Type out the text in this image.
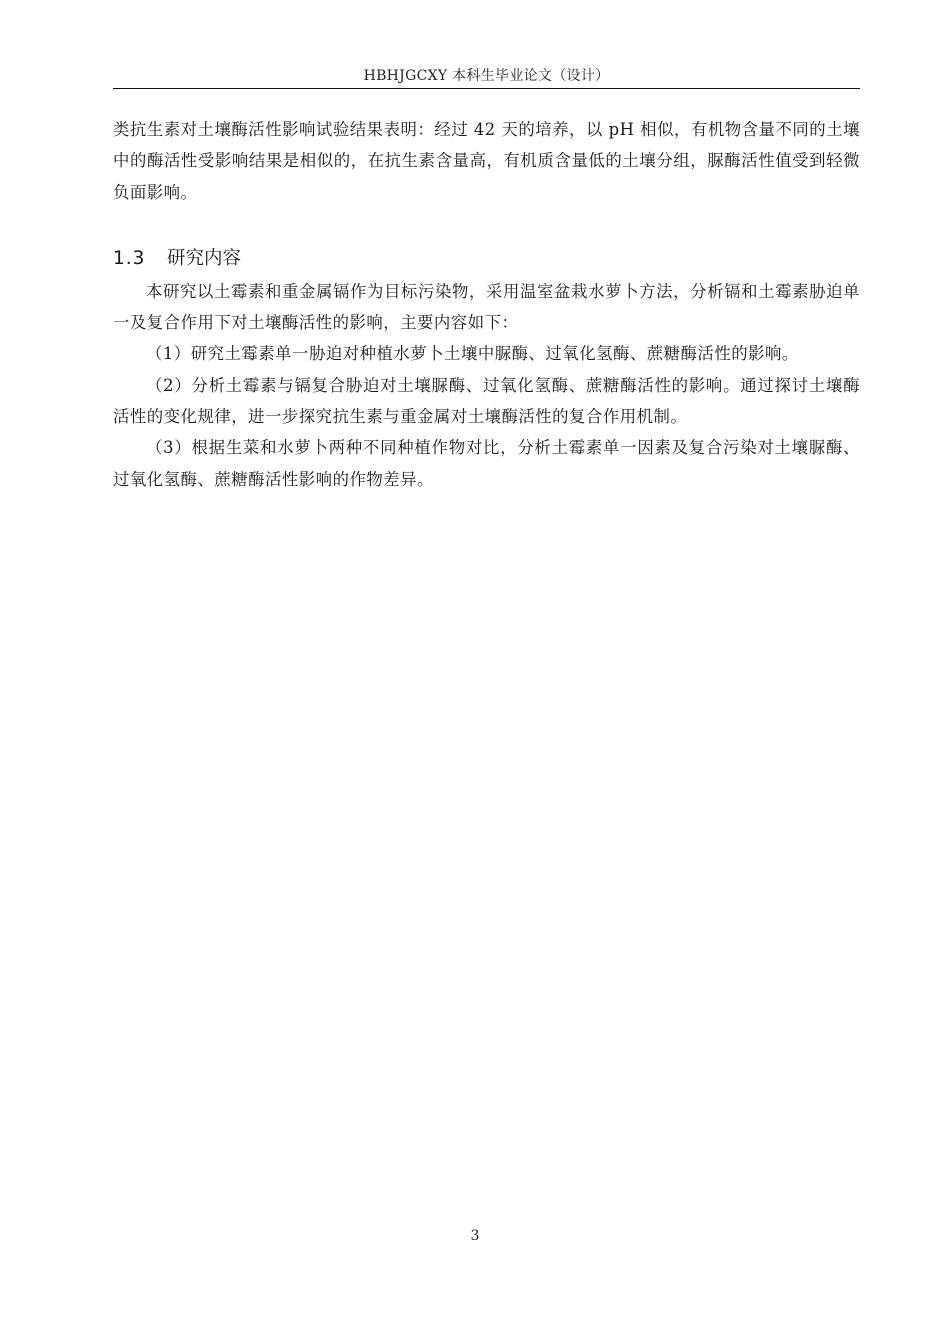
HBHJGCXY 本科生毕业论文（设计）

类抗生素对土壤酶活性影响试验结果表明：经过 42 天的培养，以 pH 相似，有机物含量不同的土壤中的酶活性受影响结果是相似的，在抗生素含量高，有机质含量低的土壤分组，脲酶活性值受到轻微负面影响。

1.3 研究内容

本研究以土霉素和重金属镉作为目标污染物，采用温室盆栽水萝卜方法，分析镉和土霉素胁迫单一及复合作用下对土壤酶活性的影响，主要内容如下：

（1）研究土霉素单一胁迫对种植水萝卜土壤中脲酶、过氧化氢酶、蔗糖酶活性的影响。

（2）分析土霉素与镉复合胁迫对土壤脲酶、过氧化氢酶、蔗糖酶活性的影响。通过探讨土壤酶活性的变化规律，进一步探究抗生素与重金属对土壤酶活性的复合作用机制。

（3）根据生菜和水萝卜两种不同种植作物对比，分析土霉素单一因素及复合污染对土壤脲酶、过氧化氢酶、蔗糖酶活性影响的作物差异。

3
